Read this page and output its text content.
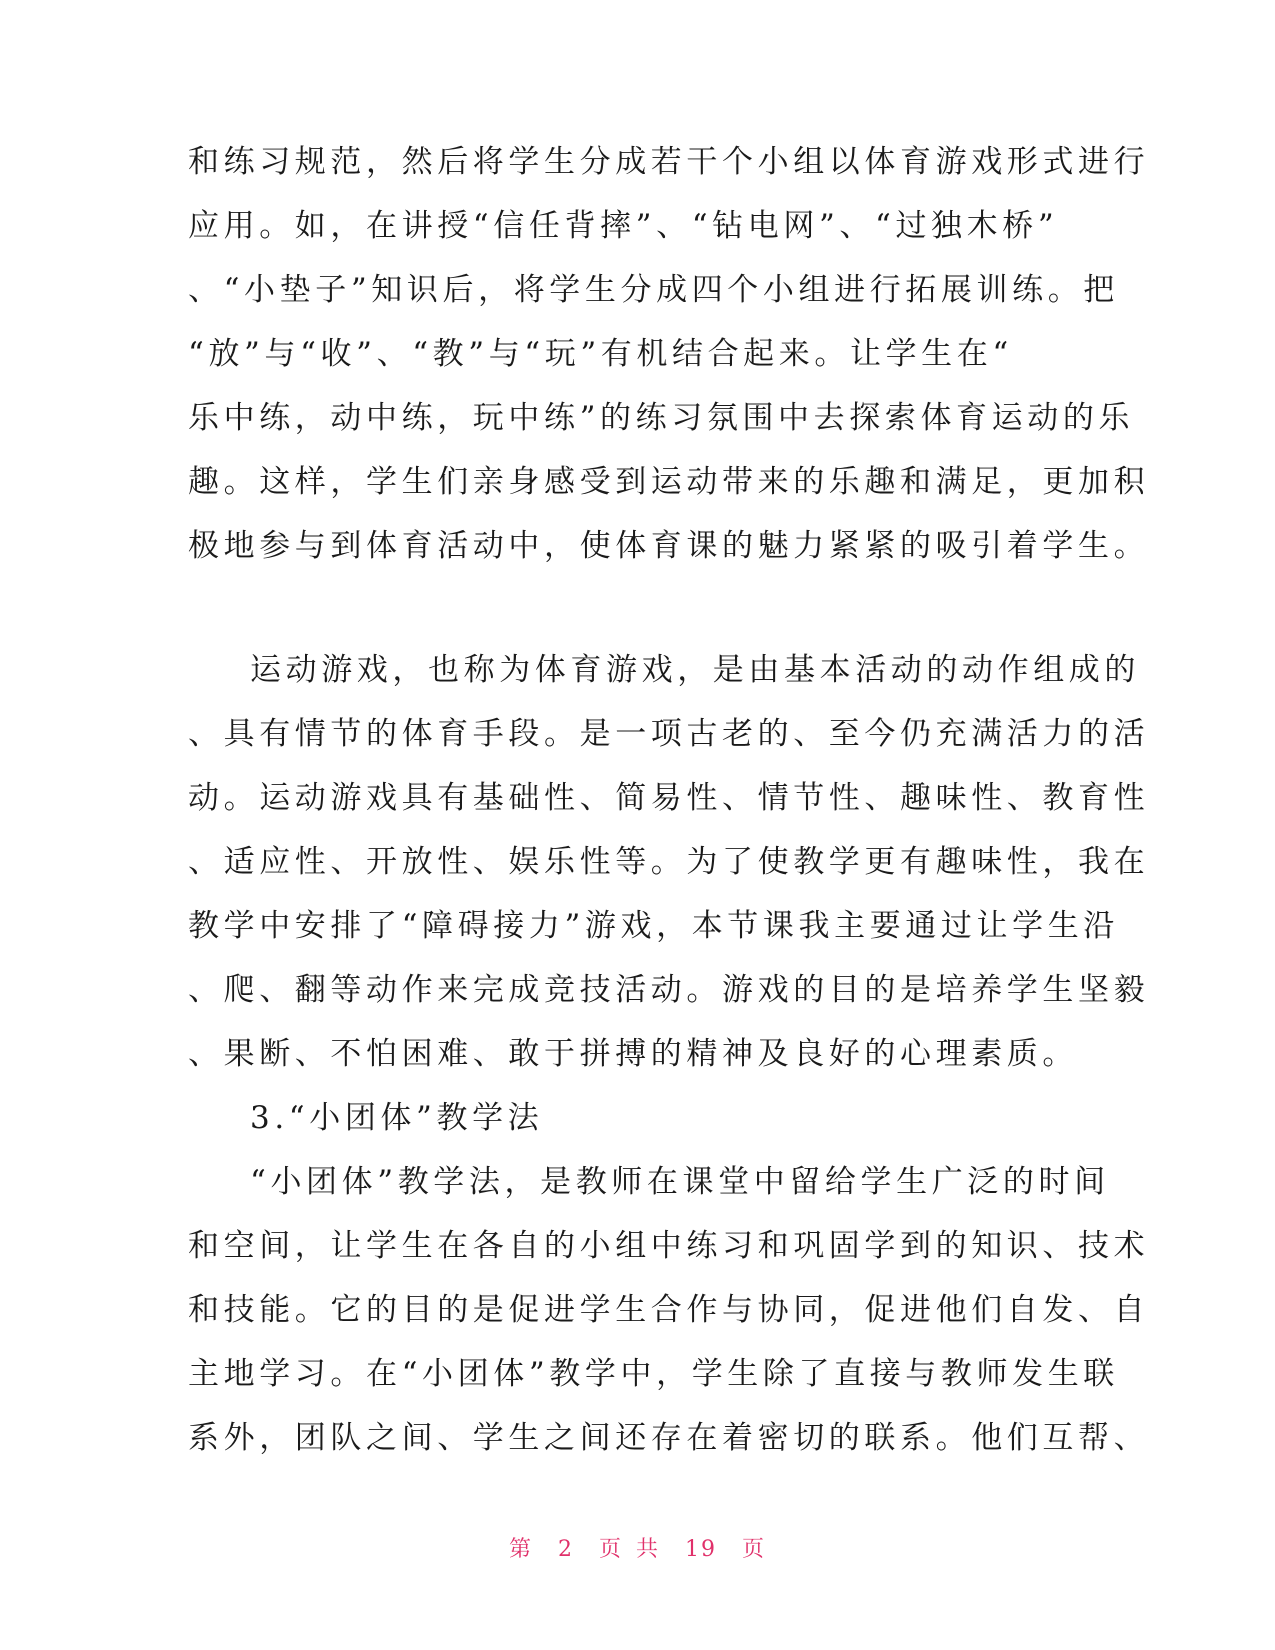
和练习规范，然后将学生分成若干个小组以体育游戏形式进行
应用。如，在讲授“信任背摔”、“钻电网”、“过独木桥”
、“小垫子”知识后，将学生分成四个小组进行拓展训练。把
“放”与“收”、“教”与“玩”有机结合起来。让学生在“
乐中练，动中练，玩中练”的练习氛围中去探索体育运动的乐
趣。这样，学生们亲身感受到运动带来的乐趣和满足，更加积
极地参与到体育活动中，使体育课的魅力紧紧的吸引着学生。
运动游戏，也称为体育游戏，是由基本活动的动作组成的
、具有情节的体育手段。是一项古老的、至今仍充满活力的活
动。运动游戏具有基础性、简易性、情节性、趣味性、教育性
、适应性、开放性、娱乐性等。为了使教学更有趣味性，我在
教学中安排了“障碍接力”游戏，本节课我主要通过让学生沿
、爬、翻等动作来完成竞技活动。游戏的目的是培养学生坚毅
、果断、不怕困难、敢于拼搏的精神及良好的心理素质。
3.“小团体”教学法
“小团体”教学法，是教师在课堂中留给学生广泛的时间
和空间，让学生在各自的小组中练习和巩固学到的知识、技术
和技能。它的目的是促进学生合作与协同，促进他们自发、自
主地学习。在“小团体”教学中，学生除了直接与教师发生联
系外，团队之间、学生之间还存在着密切的联系。他们互帮、
第 2 页 共 19 页
